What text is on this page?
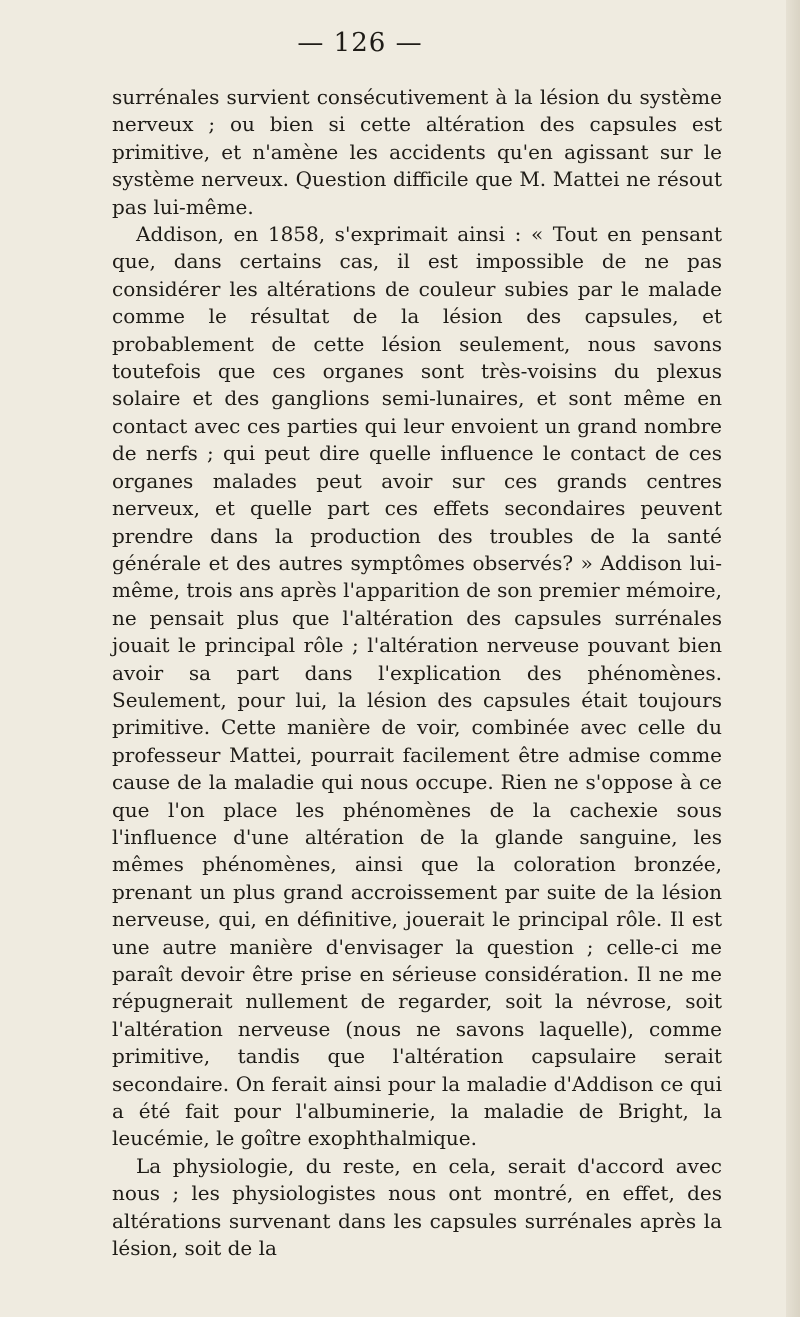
— 126 —

surrénales survient consécutivement à la lésion du système nerveux ; ou bien si cette altération des capsules est primitive, et n'amène les accidents qu'en agissant sur le système nerveux. Question difficile que M. Mattei ne résout pas lui-même.

Addison, en 1858, s'exprimait ainsi : « Tout en pensant que, dans certains cas, il est impossible de ne pas considérer les altérations de couleur subies par le malade comme le résultat de la lésion des capsules, et probablement de cette lésion seulement, nous savons toutefois que ces organes sont très-voisins du plexus solaire et des ganglions semi-lunaires, et sont même en contact avec ces parties qui leur envoient un grand nombre de nerfs ; qui peut dire quelle influence le contact de ces organes malades peut avoir sur ces grands centres nerveux, et quelle part ces effets secondaires peuvent prendre dans la production des troubles de la santé générale et des autres symptômes observés? » Addison lui-même, trois ans après l'apparition de son premier mémoire, ne pensait plus que l'altération des capsules surrénales jouait le principal rôle ; l'altération nerveuse pouvant bien avoir sa part dans l'explication des phénomènes. Seulement, pour lui, la lésion des capsules était toujours primitive. Cette manière de voir, combinée avec celle du professeur Mattei, pourrait facilement être admise comme cause de la maladie qui nous occupe. Rien ne s'oppose à ce que l'on place les phénomènes de la cachexie sous l'influence d'une altération de la glande sanguine, les mêmes phénomènes, ainsi que la coloration bronzée, prenant un plus grand accroissement par suite de la lésion nerveuse, qui, en définitive, jouerait le principal rôle. Il est une autre manière d'envisager la question ; celle-ci me paraît devoir être prise en sérieuse considération. Il ne me répugnerait nullement de regarder, soit la névrose, soit l'altération nerveuse (nous ne savons laquelle), comme primitive, tandis que l'altération capsulaire serait secondaire. On ferait ainsi pour la maladie d'Addison ce qui a été fait pour l'albuminerie, la maladie de Bright, la leucémie, le goître exophthalmique.

La physiologie, du reste, en cela, serait d'accord avec nous ; les physiologistes nous ont montré, en effet, des altérations survenant dans les capsules surrénales après la lésion, soit de la
